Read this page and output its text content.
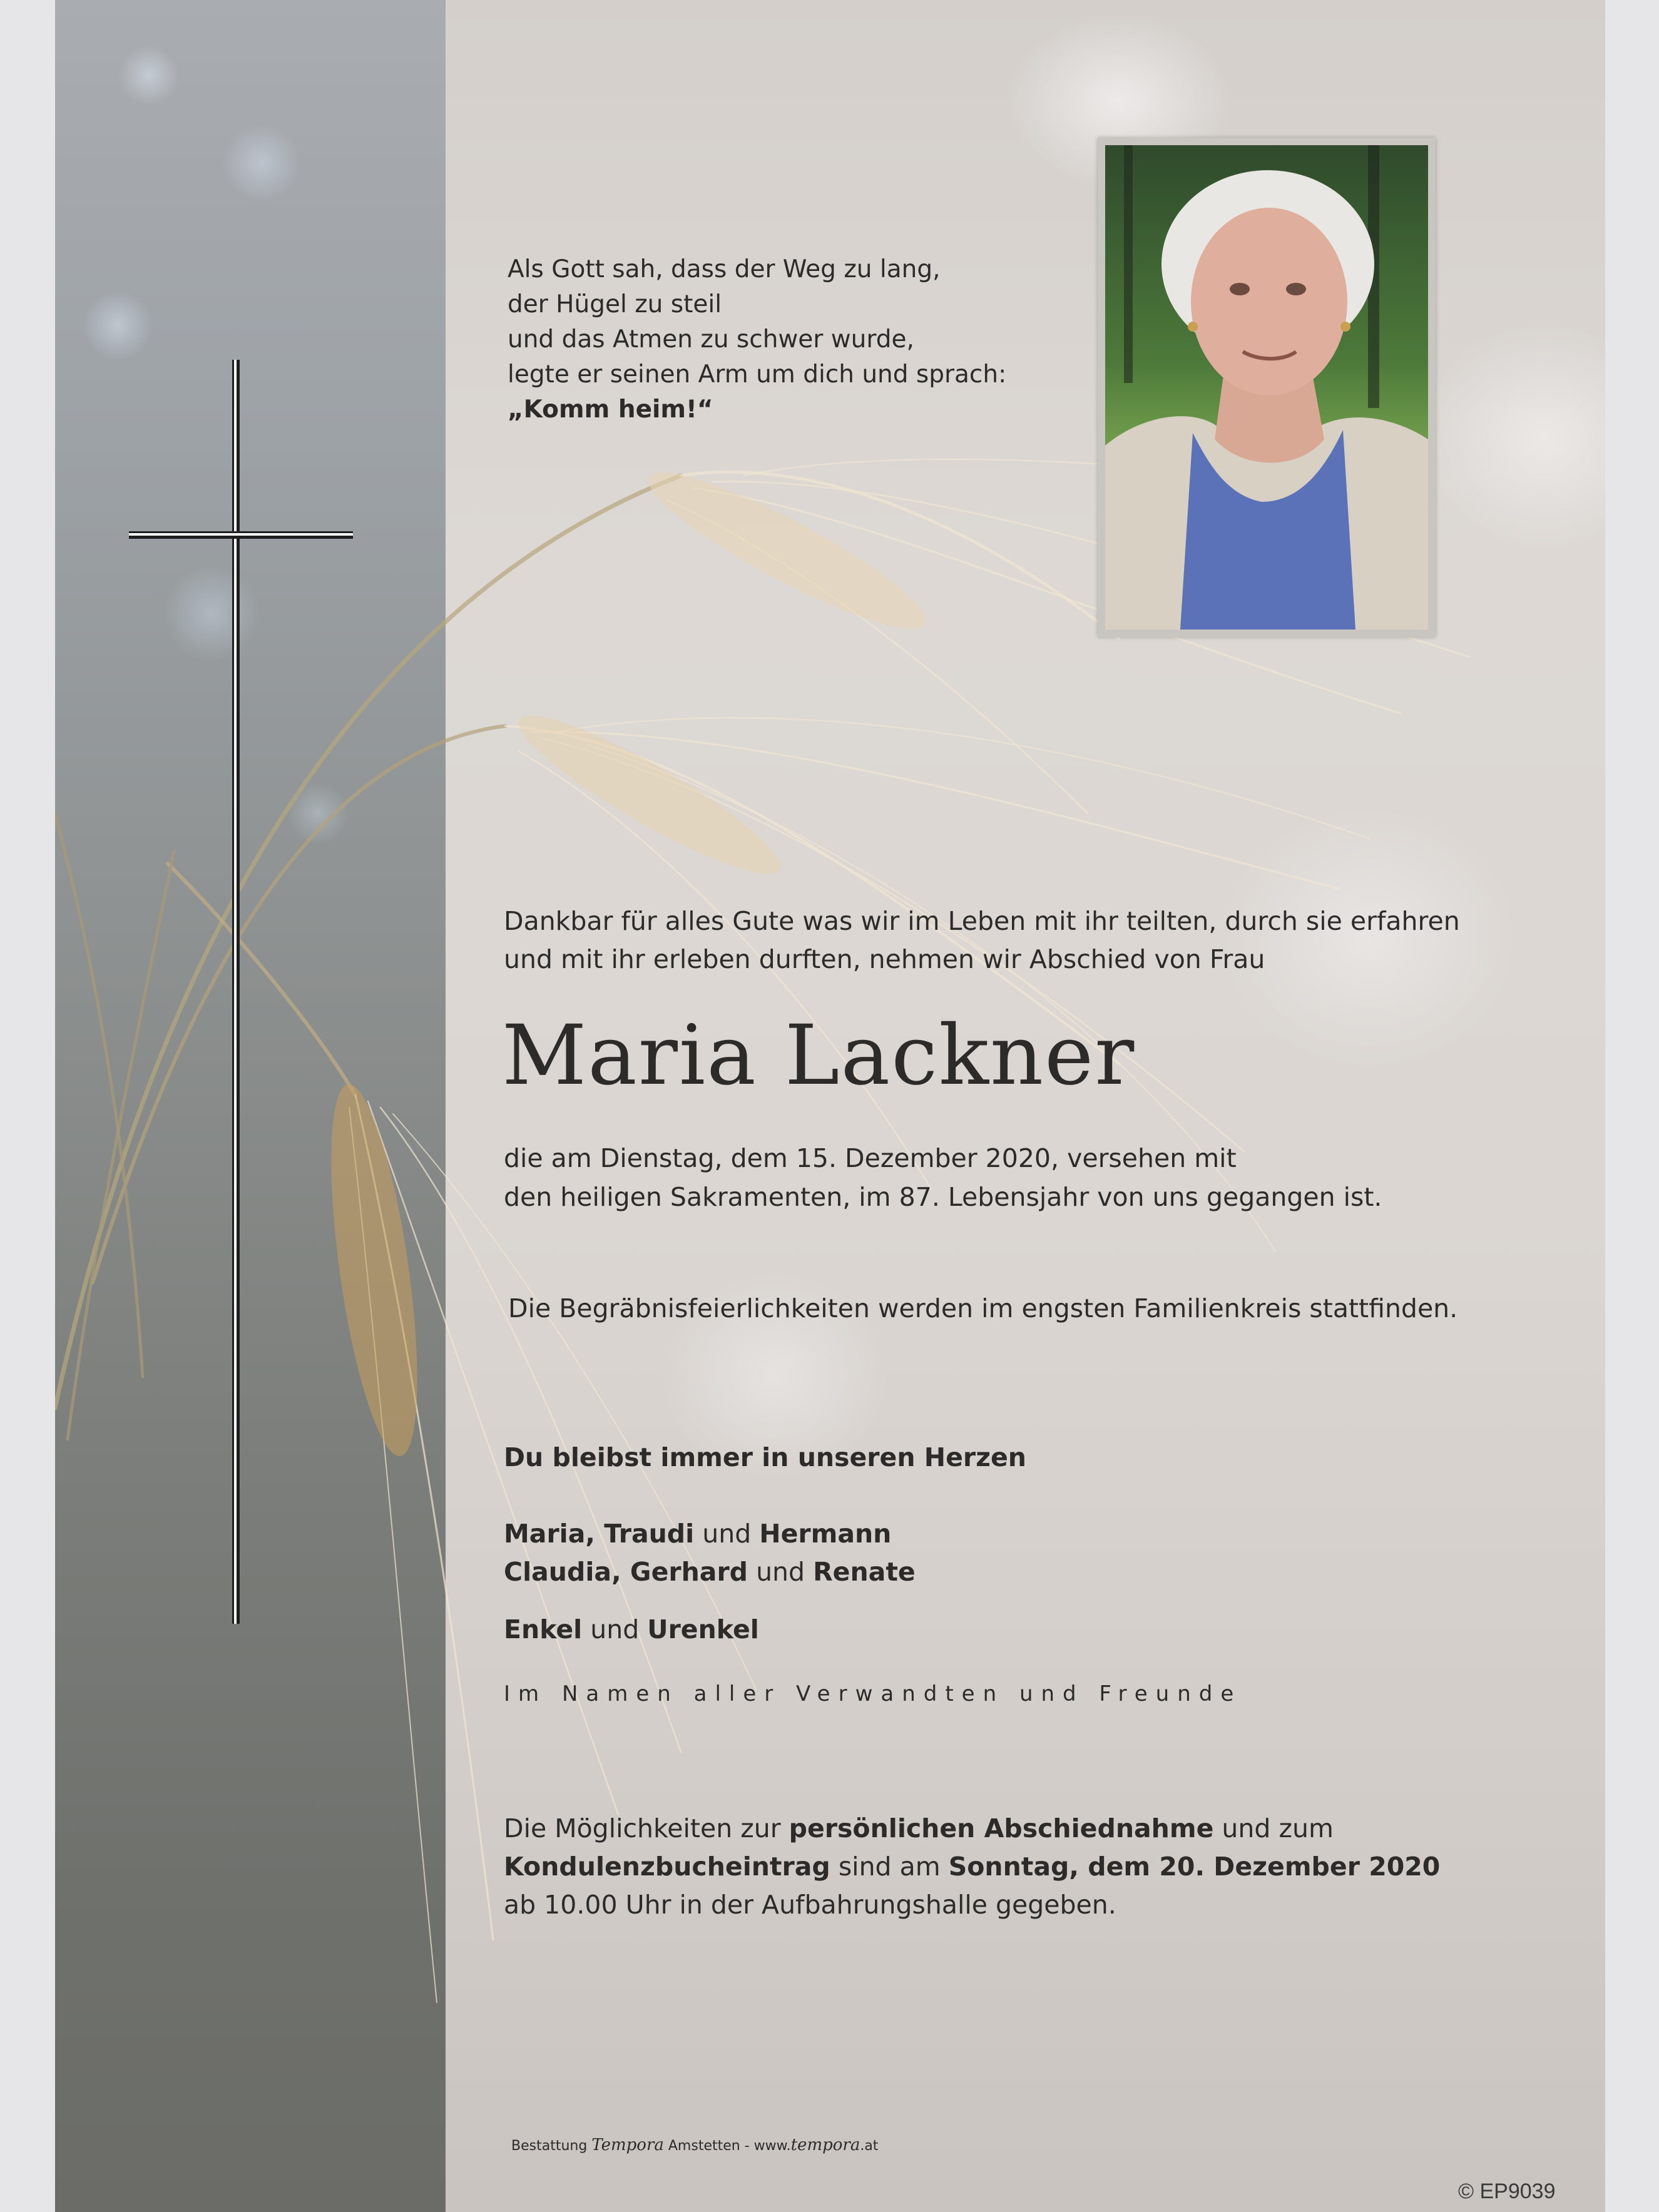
Als Gott sah, dass der Weg zu lang,
der Hügel zu steil
und das Atmen zu schwer wurde,
legte er seinen Arm um dich und sprach:
„Komm heim!“
Dankbar für alles Gute was wir im Leben mit ihr teilten, durch sie erfahren
und mit ihr erleben durften, nehmen wir Abschied von Frau
Maria Lackner
die am Dienstag, dem 15. Dezember 2020, versehen mit
den heiligen Sakramenten, im 87. Lebensjahr von uns gegangen ist.
Die Begräbnisfeierlichkeiten werden im engsten Familienkreis stattfinden.
Du bleibst immer in unseren Herzen
Maria, Traudi und Hermann
Claudia, Gerhard und Renate
Enkel und Urenkel
Im Namen aller Verwandten und Freunde
Die Möglichkeiten zur persönlichen Abschiednahme und zum
Kondulenzbucheintrag sind am Sonntag, dem 20. Dezember 2020
ab 10.00 Uhr in der Aufbahrungshalle gegeben.
Bestattung Tempora Amstetten - www.tempora.at
© EP9039
